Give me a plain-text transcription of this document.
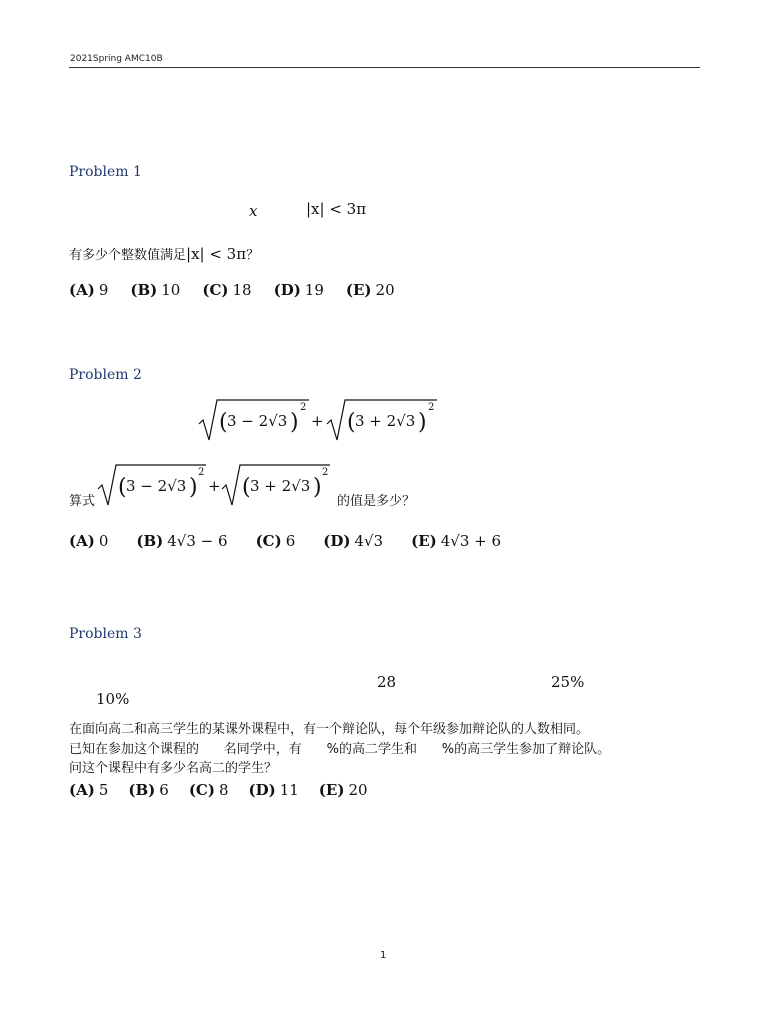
2021Spring AMC10B
Problem 1
x	|x| < 3π
有多少个整数值满足|x| < 3π？
(A) 9 (B) 10 (C) 18 (D) 19 (E) 20
Problem 2
( 3 − 2√3 )
2
+ ( 3 + 2√3 )
2
算式
( 3 − 2√3 )
2
+ ( 3 + 2√3 )
2
的值是多少？
(A) 0 (B) 4√3 − 6 (C) 6 (D) 4√3 (E) 4√3 + 6
Problem 3
28	25%
10%
在面向高二和高三学生的某课外课程中，有一个辩论队，每个年级参加辩论队的人数相同。
已知在参加这个课程的      名同学中，有      %的高二学生和      %的高三学生参加了辩论队。
问这个课程中有多少名高二的学生？
(A) 5 (B) 6 (C) 8 (D) 11 (E) 20
1
